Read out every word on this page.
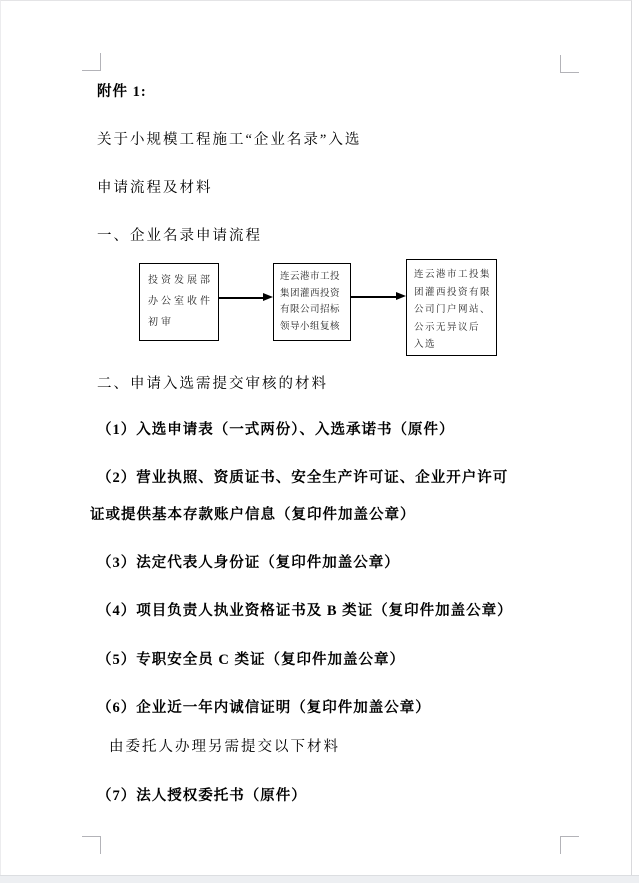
附件 1:
关于小规模工程施工“企业名录”入选
申请流程及材料
一、企业名录申请流程
投资发展部
办公室收件
初审
连云港市工投
集团灌西投资
有限公司招标
领导小组复核
连云港市工投集
团灌西投资有限
公司门户网站、
公示无异议后
入选
二、申请入选需提交审核的材料
（1）入选申请表（一式两份）、入选承诺书（原件）
（2）营业执照、资质证书、安全生产许可证、企业开户许可
证或提供基本存款账户信息（复印件加盖公章）
（3）法定代表人身份证（复印件加盖公章）
（4）项目负责人执业资格证书及 B 类证（复印件加盖公章）
（5）专职安全员 C 类证（复印件加盖公章）
（6）企业近一年内诚信证明（复印件加盖公章）
由委托人办理另需提交以下材料
（7）法人授权委托书（原件）
